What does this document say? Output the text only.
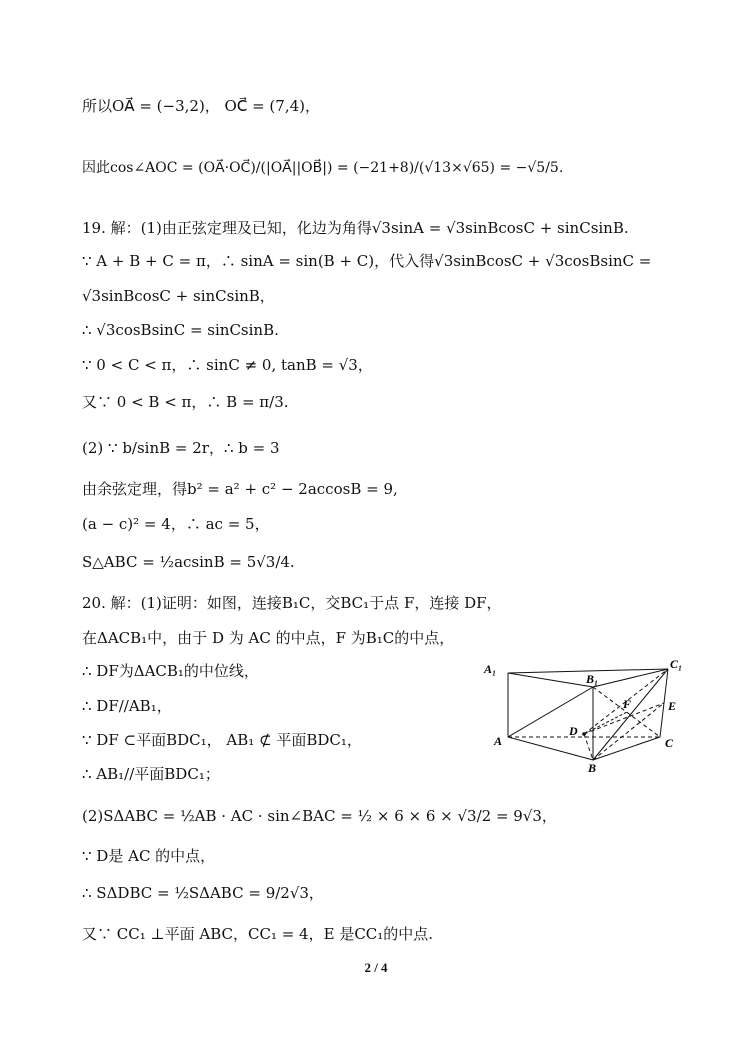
所以OA⃗ = (−3,2)， OC⃗ = (7,4)，
因此cos∠AOC = (OA⃗·OC⃗)/(|OA⃗||OB⃗|) = (−21+8)/(√13×√65) = −√5/5.
19. 解：(1)由正弦定理及已知，化边为角得√3sinA = √3sinBcosC + sinCsinB.
∵ A + B + C = π，∴ sinA = sin(B + C)，代入得√3sinBcosC + √3cosBsinC =
√3sinBcosC + sinCsinB，
∴ √3cosBsinC = sinCsinB.
∵ 0 < C < π，∴ sinC ≠ 0, tanB = √3，
又∵ 0 < B < π，∴ B = π/3.
(2) ∵ b/sinB = 2r，∴ b = 3
由余弦定理，得b² = a² + c² − 2accosB = 9,
(a − c)² = 4，∴ ac = 5，
S△ABC = ½acsinB = 5√3/4.
20. 解：(1)证明：如图，连接B₁C，交BC₁于点 F，连接 DF，
在ΔACB₁中，由于 D 为 AC 的中点，F 为B₁C的中点，
∴ DF为ΔACB₁的中位线，
∴ DF//AB₁，
∵ DF ⊂平面BDC₁， AB₁ ⊄ 平面BDC₁，
∴ AB₁//平面BDC₁；
(2)SΔABC = ½AB · AC · sin∠BAC = ½ × 6 × 6 × √3/2 = 9√3，
∵ D是 AC 的中点，
∴ SΔDBC = ½SΔABC = 9/2√3，
又∵ CC₁ ⊥平面 ABC，CC₁ = 4，E 是CC₁的中点.
A₁	C₁
B₁
F	E
D
A	C
B
2 / 4
